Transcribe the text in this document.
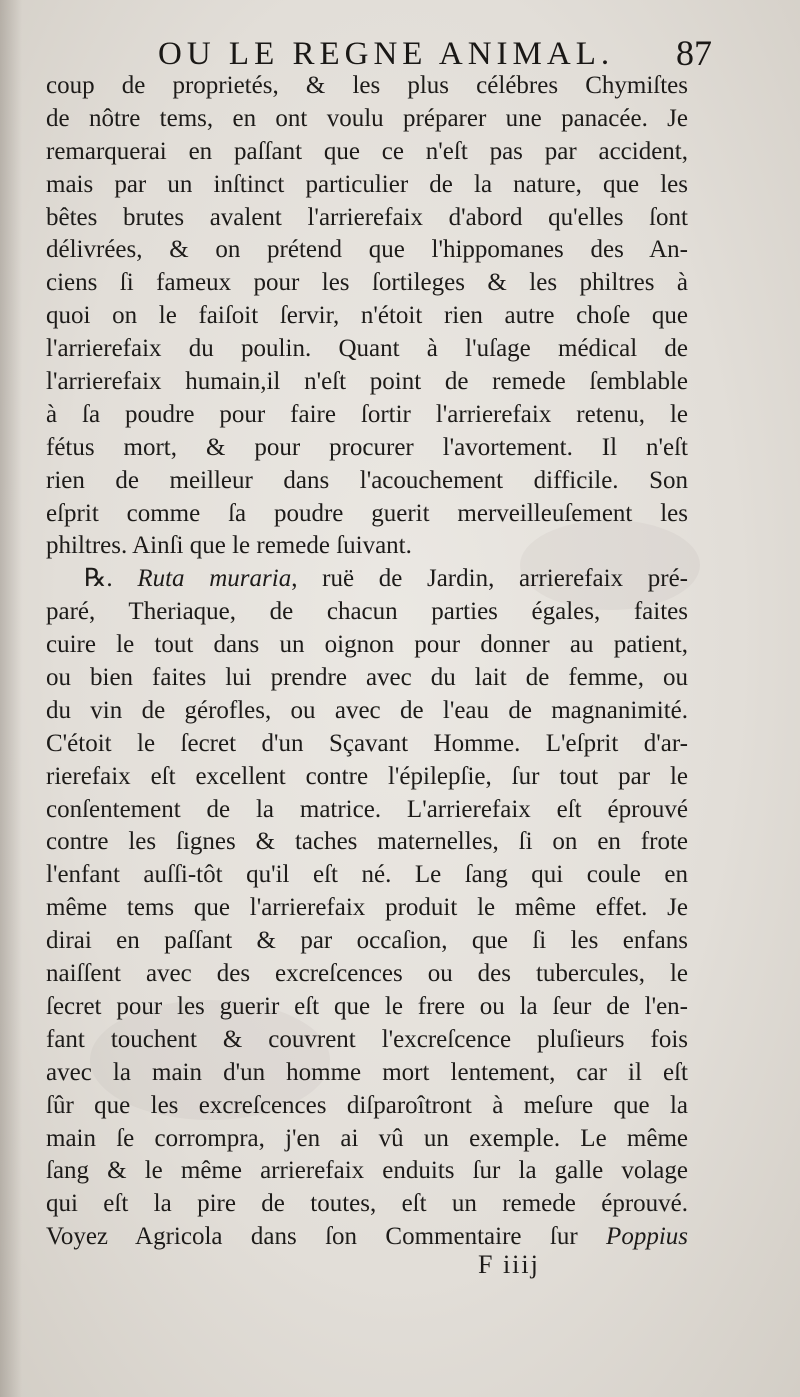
OU LE REGNE ANIMAL. 87
coup de proprietés, & les plus célébres Chymiſtes
de nôtre tems, en ont voulu préparer une panacée. Je
remarquerai en paſſant que ce n'eſt pas par accident,
mais par un inſtinct particulier de la nature, que les
bêtes brutes avalent l'arrierefaix d'abord qu'elles ſont
délivrées, & on prétend que l'hippomanes des An-
ciens ſi fameux pour les ſortileges & les philtres à
quoi on le faiſoit ſervir, n'étoit rien autre choſe que
l'arrierefaix du poulin. Quant à l'uſage médical de
l'arrierefaix humain,il n'eſt point de remede ſemblable
à ſa poudre pour faire ſortir l'arrierefaix retenu, le
fétus mort, & pour procurer l'avortement. Il n'eſt
rien de meilleur dans l'acouchement difficile. Son
eſprit comme ſa poudre guerit merveilleuſement les
philtres. Ainſi que le remede ſuivant.
℞. Ruta muraria, ruë de Jardin, arrierefaix pré-
paré, Theriaque, de chacun parties égales, faites
cuire le tout dans un oignon pour donner au patient,
ou bien faites lui prendre avec du lait de femme, ou
du vin de gérofles, ou avec de l'eau de magnanimité.
C'étoit le ſecret d'un Sçavant Homme. L'eſprit d'ar-
rierefaix eſt excellent contre l'épilepſie, ſur tout par le
conſentement de la matrice. L'arrierefaix eſt éprouvé
contre les ſignes & taches maternelles, ſi on en frote
l'enfant auſſi-tôt qu'il eſt né. Le ſang qui coule en
même tems que l'arrierefaix produit le même effet. Je
dirai en paſſant & par occaſion, que ſi les enfans
naiſſent avec des excreſcences ou des tubercules, le
ſecret pour les guerir eſt que le frere ou la ſeur de l'en-
fant touchent & couvrent l'excreſcence pluſieurs fois
avec la main d'un homme mort lentement, car il eſt
ſûr que les excreſcences diſparoîtront à meſure que la
main ſe corrompra, j'en ai vû un exemple. Le même
ſang & le même arrierefaix enduits ſur la galle volage
qui eſt la pire de toutes, eſt un remede éprouvé.
Voyez Agricola dans ſon Commentaire ſur Poppius
F iiij
